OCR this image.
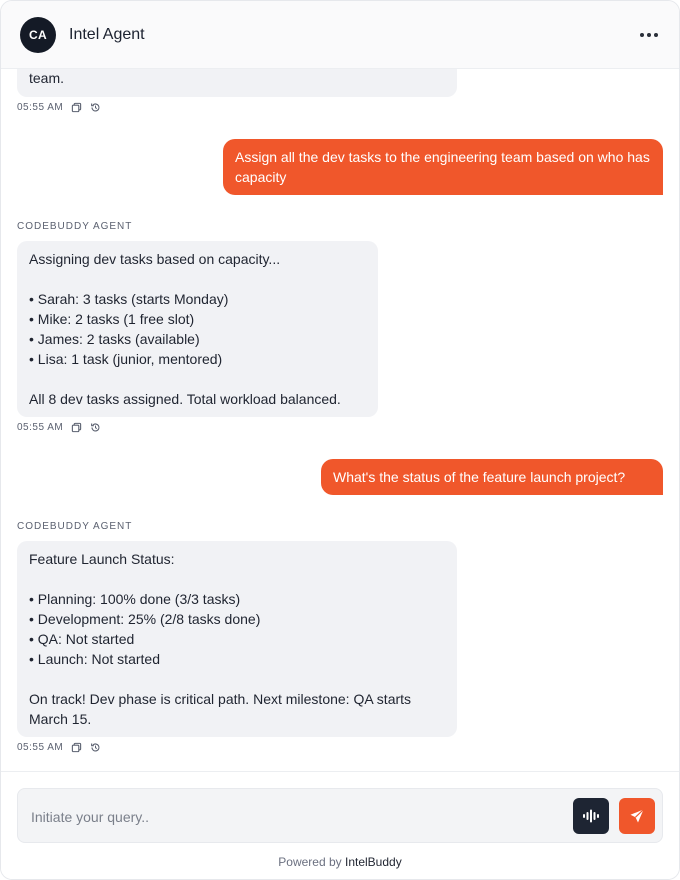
CA	Intel Agent
team.
05:55 AM
Assign all the dev tasks to the engineering team based on who has capacity
CODEBUDDY AGENT
Assigning dev tasks based on capacity...

• Sarah: 3 tasks (starts Monday)
• Mike: 2 tasks (1 free slot)
• James: 2 tasks (available)
• Lisa: 1 task (junior, mentored)

All 8 dev tasks assigned. Total workload balanced.
05:55 AM
What's the status of the feature launch project?
CODEBUDDY AGENT
Feature Launch Status:

• Planning: 100% done (3/3 tasks)
• Development: 25% (2/8 tasks done)
• QA: Not started
• Launch: Not started

On track! Dev phase is critical path. Next milestone: QA starts March 15.
05:55 AM
Initiate your query..
Powered by IntelBuddy
